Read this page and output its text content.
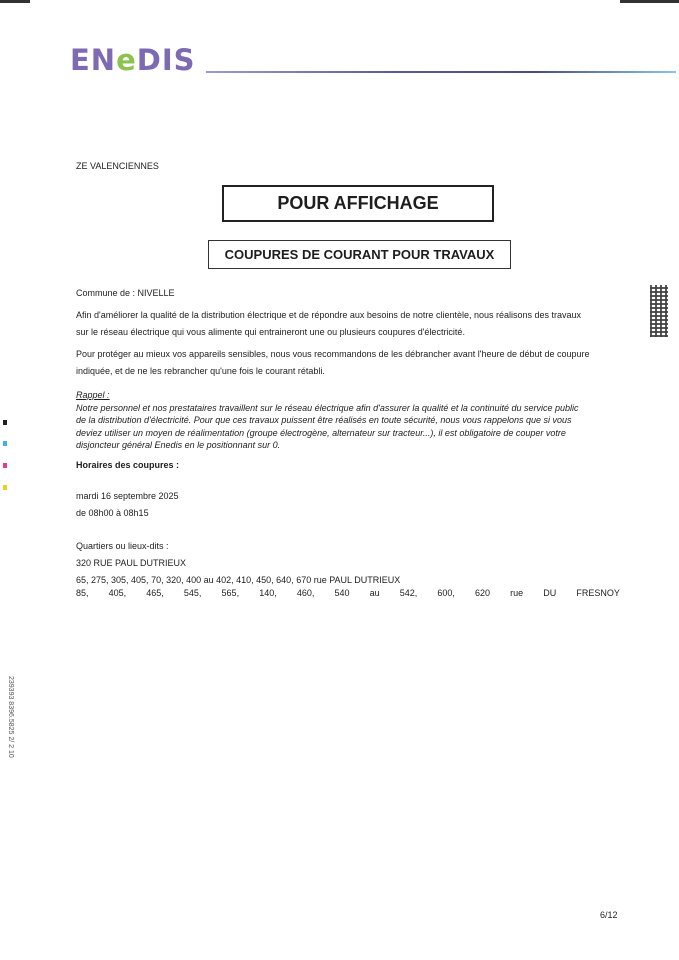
ENeDIS
ZE VALENCIENNES
POUR AFFICHAGE
COUPURES DE COURANT POUR TRAVAUX
Commune de : NIVELLE
Afin d'améliorer la qualité de la distribution électrique et de répondre aux besoins de notre clientèle, nous réalisons des travaux
sur le réseau électrique qui vous alimente qui entraineront une ou plusieurs coupures d'électricité.
Pour protéger au mieux vos appareils sensibles, nous vous recommandons de les débrancher avant l'heure de début de coupure
indiquée, et de ne les rebrancher qu'une fois le courant rétabli.
Rappel :
Notre personnel et nos prestataires travaillent sur le réseau électrique afin d'assurer la qualité et la continuité du service public
de la distribution d'électricité. Pour que ces travaux puissent être réalisés en toute sécurité, nous vous rappelons que si vous
deviez utiliser un moyen de réalimentation (groupe électrogène, alternateur sur tracteur...), il est obligatoire de couper votre
disjoncteur général Enedis en le positionnant sur 0.
Horaires des coupures :
mardi 16 septembre 2025
de 08h00 à 08h15
Quartiers ou lieux-dits :
320 RUE PAUL DUTRIEUX
65, 275, 305, 405, 70, 320, 400 au 402, 410, 450, 640, 670 rue PAUL DUTRIEUX
85, 405, 465, 545, 565, 140, 460, 540 au 542, 600, 620 rue DU FRESNOY
239393 8396.5825 2/ 2 10
6/12
